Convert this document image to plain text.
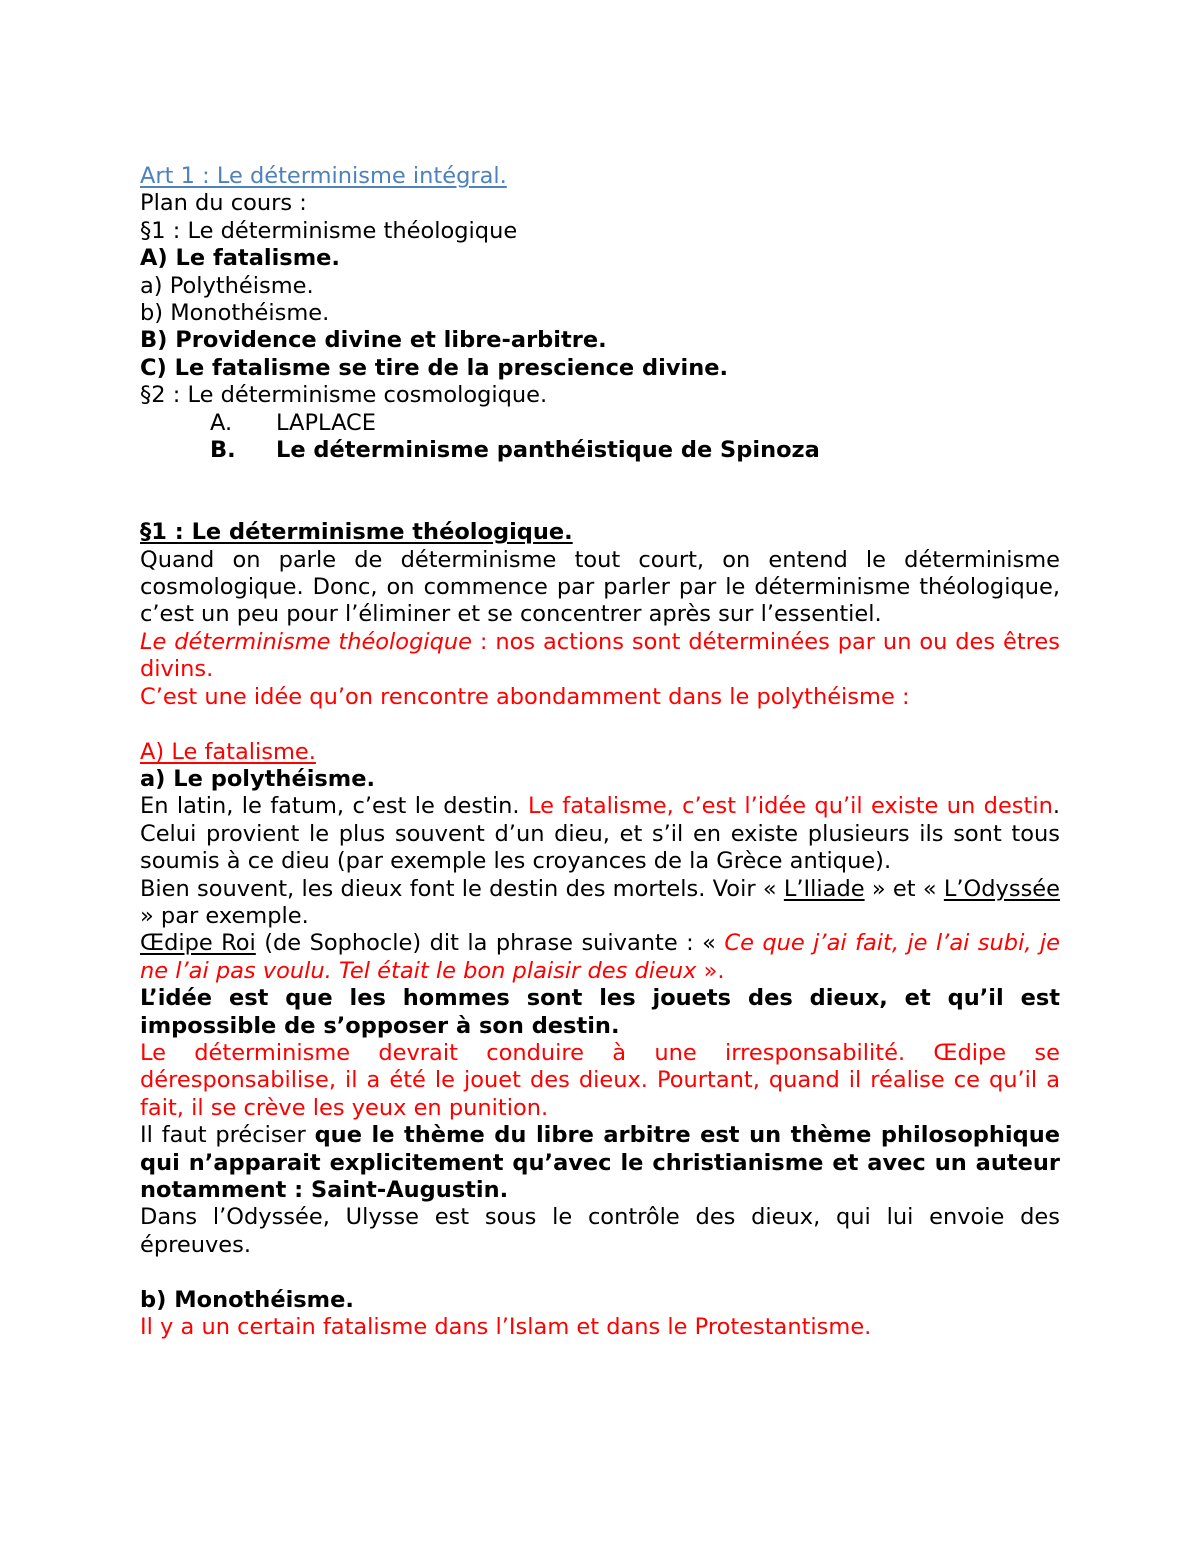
Art 1 : Le déterminisme intégral.
Plan du cours :
§1 : Le déterminisme théologique
A) Le fatalisme.
a) Polythéisme.
b) Monothéisme.
B) Providence divine et libre-arbitre.
C) Le fatalisme se tire de la prescience divine.
§2 : Le déterminisme cosmologique.
A. LAPLACE
B. Le déterminisme panthéistique de Spinoza
§1 : Le déterminisme théologique.
Quand on parle de déterminisme tout court, on entend le déterminisme cosmologique. Donc, on commence par parler par le déterminisme théologique, c’est un peu pour l’éliminer et se concentrer après sur l’essentiel.
Le déterminisme théologique : nos actions sont déterminées par un ou des êtres divins.
C’est une idée qu’on rencontre abondamment dans le polythéisme :
A) Le fatalisme.
a) Le polythéisme.
En latin, le fatum, c’est le destin. Le fatalisme, c’est l’idée qu’il existe un destin. Celui provient le plus souvent d’un dieu, et s’il en existe plusieurs ils sont tous soumis à ce dieu (par exemple les croyances de la Grèce antique).
Bien souvent, les dieux font le destin des mortels. Voir « L’Iliade » et « L’Odyssée » par exemple.
Œdipe Roi (de Sophocle) dit la phrase suivante : « Ce que j’ai fait, je l’ai subi, je ne l’ai pas voulu. Tel était le bon plaisir des dieux ».
L’idée est que les hommes sont les jouets des dieux, et qu’il est impossible de s’opposer à son destin.
Le déterminisme devrait conduire à une irresponsabilité. Œdipe se déresponsabilise, il a été le jouet des dieux. Pourtant, quand il réalise ce qu’il a fait, il se crève les yeux en punition.
Il faut préciser que le thème du libre arbitre est un thème philosophique qui n’apparait explicitement qu’avec le christianisme et avec un auteur notamment : Saint-Augustin.
Dans l’Odyssée, Ulysse est sous le contrôle des dieux, qui lui envoie des épreuves.
b) Monothéisme.
Il y a un certain fatalisme dans l’Islam et dans le Protestantisme.
